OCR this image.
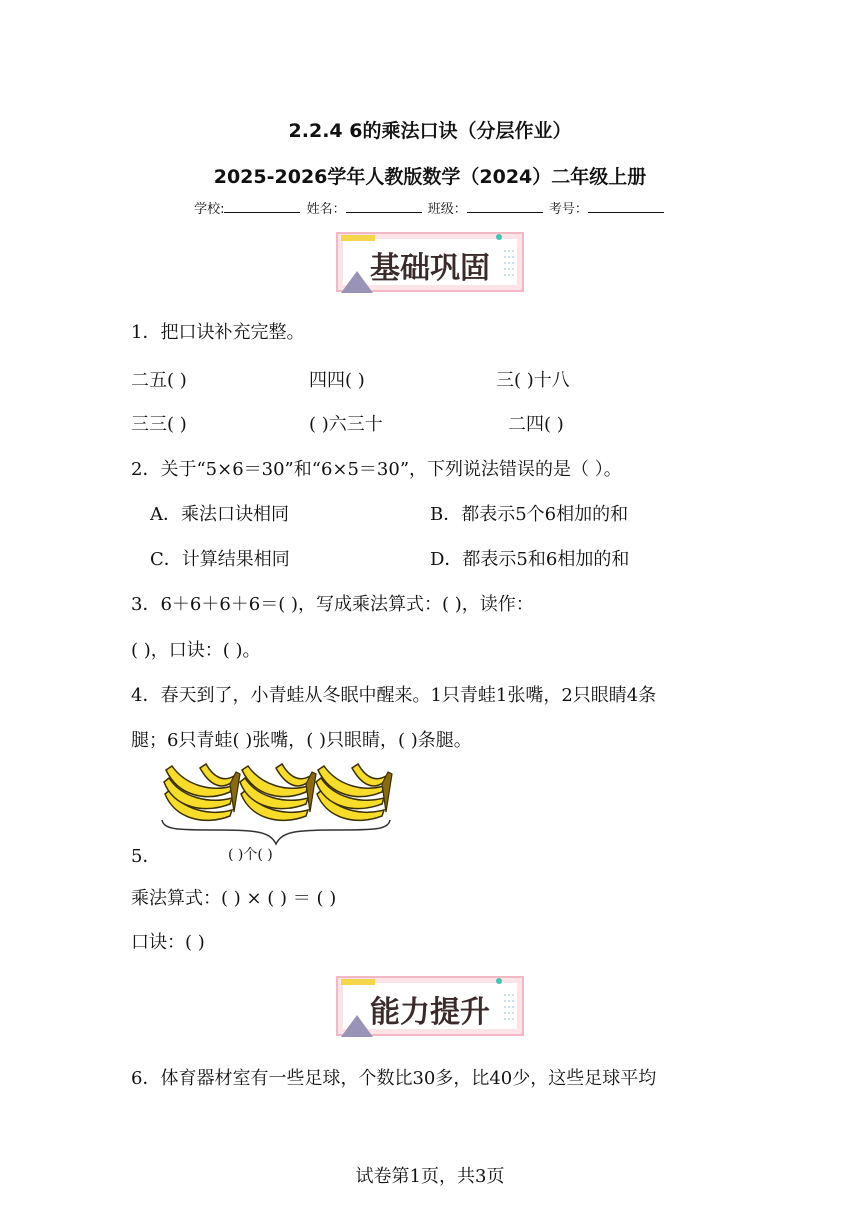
2.2.4 6的乘法口诀（分层作业）
2025-2026学年人教版数学（2024）二年级上册
学校:	姓名：	班级：	考号：
基础巩固
1．把口诀补充完整。
二五( )	四四( )	三( )十八
三三( )	( )六三十	二四( )
2．关于“5×6＝30”和“6×5＝30”，下列说法错误的是（ ）。
A．乘法口诀相同	B．都表示5个6相加的和
C．计算结果相同	D．都表示5和6相加的和
3．6＋6＋6＋6＝( )，写成乘法算式：( )，读作：
( )，口诀：( )。
4．春天到了，小青蛙从冬眠中醒来。1只青蛙1张嘴，2只眼睛4条
腿；6只青蛙( )张嘴，( )只眼睛，( )条腿。
5．	( )个( )
乘法算式：( ) × ( ) ＝ ( )
口诀：( )
能力提升
6．体育器材室有一些足球，个数比30多，比40少，这些足球平均
试卷第1页，共3页
